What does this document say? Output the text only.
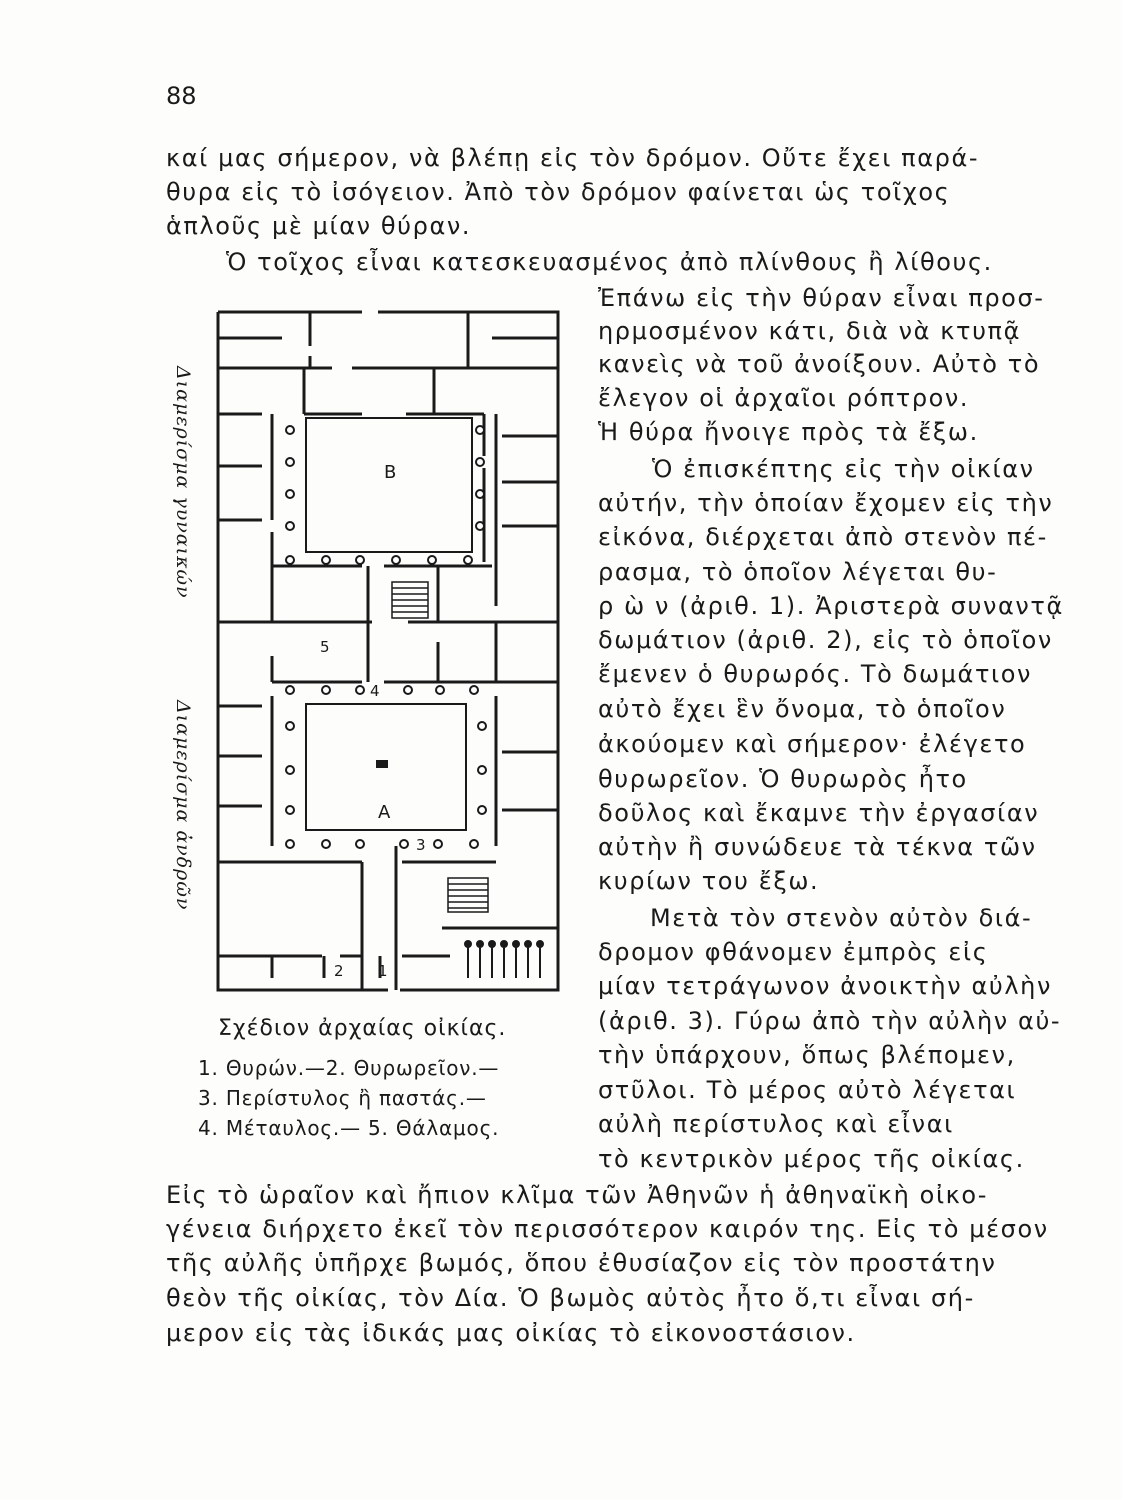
88
καί μας σήμερον, νὰ βλέπῃ εἰς τὸν δρόμον. Οὔτε ἔχει παρά-
θυρα εἰς τὸ ἰσόγειον. Ἀπὸ τὸν δρόμον φαίνεται ὡς τοῖχος
ἁπλοῦς μὲ μίαν θύραν.
Ὁ τοῖχος εἶναι κατεσκευασμένος ἀπὸ πλίνθους ἢ λίθους.
Ἐπάνω εἰς τὴν θύραν εἶναι προσ-
ηρμοσμένον κάτι, διὰ νὰ κτυπᾷ
κανεὶς νὰ τοῦ ἀνοίξουν. Αὐτὸ τὸ
ἔλεγον οἱ ἀρχαῖοι ρόπτρον.
Ἡ θύρα ἤνοιγε πρὸς τὰ ἔξω.
Ὁ ἐπισκέπτης εἰς τὴν οἰκίαν
αὐτήν, τὴν ὁποίαν ἔχομεν εἰς τὴν
εἰκόνα, διέρχεται ἀπὸ στενὸν πέ-
ρασμα, τὸ ὁποῖον λέγεται θυ-
ρ ὼ ν (ἀριθ. 1). Ἀριστερὰ συναντᾷ
δωμάτιον (ἀριθ. 2), εἰς τὸ ὁποῖον
ἔμενεν ὁ θυρωρός. Τὸ δωμάτιον
αὐτὸ ἔχει ἓν ὄνομα, τὸ ὁποῖον
ἀκούομεν καὶ σήμερον· ἐλέγετο
θυρωρεῖον. Ὁ θυρωρὸς ἦτο
δοῦλος καὶ ἔκαμνε τὴν ἐργασίαν
αὐτὴν ἢ συνώδευε τὰ τέκνα τῶν
κυρίων του ἔξω.
Μετὰ τὸν στενὸν αὐτὸν διά-
δρομον φθάνομεν ἐμπρὸς εἰς
μίαν τετράγωνον ἀνοικτὴν αὐλὴν
(ἀριθ. 3). Γύρω ἀπὸ τὴν αὐλὴν αὐ-
τὴν ὑπάρχουν, ὅπως βλέπομεν,
στῦλοι. Τὸ μέρος αὐτὸ λέγεται
αὐλὴ περίστυλος καὶ εἶναι
τὸ κεντρικὸν μέρος τῆς οἰκίας.
Β
Α
5
4
3
2 1
Διαμερίσμα γυναικών
Διαμερίσμα ἀνδρῶν
Σχέδιον ἀρχαίας οἰκίας.
1. Θυρών.—2. Θυρωρεῖον.—
3. Περίστυλος ἢ παστάς.—
4. Μέταυλος.— 5. Θάλαμος.
Εἰς τὸ ὡραῖον καὶ ἤπιον κλῖμα τῶν Ἀθηνῶν ἡ ἀθηναϊκὴ οἰκο-
γένεια διήρχετο ἐκεῖ τὸν περισσότερον καιρόν της. Εἰς τὸ μέσον
τῆς αὐλῆς ὑπῆρχε βωμός, ὅπου ἐθυσίαζον εἰς τὸν προστάτην
θεὸν τῆς οἰκίας, τὸν Δία. Ὁ βωμὸς αὐτὸς ἦτο ὅ,τι εἶναι σή-
μερον εἰς τὰς ἰδικάς μας οἰκίας τὸ εἰκονοστάσιον.
